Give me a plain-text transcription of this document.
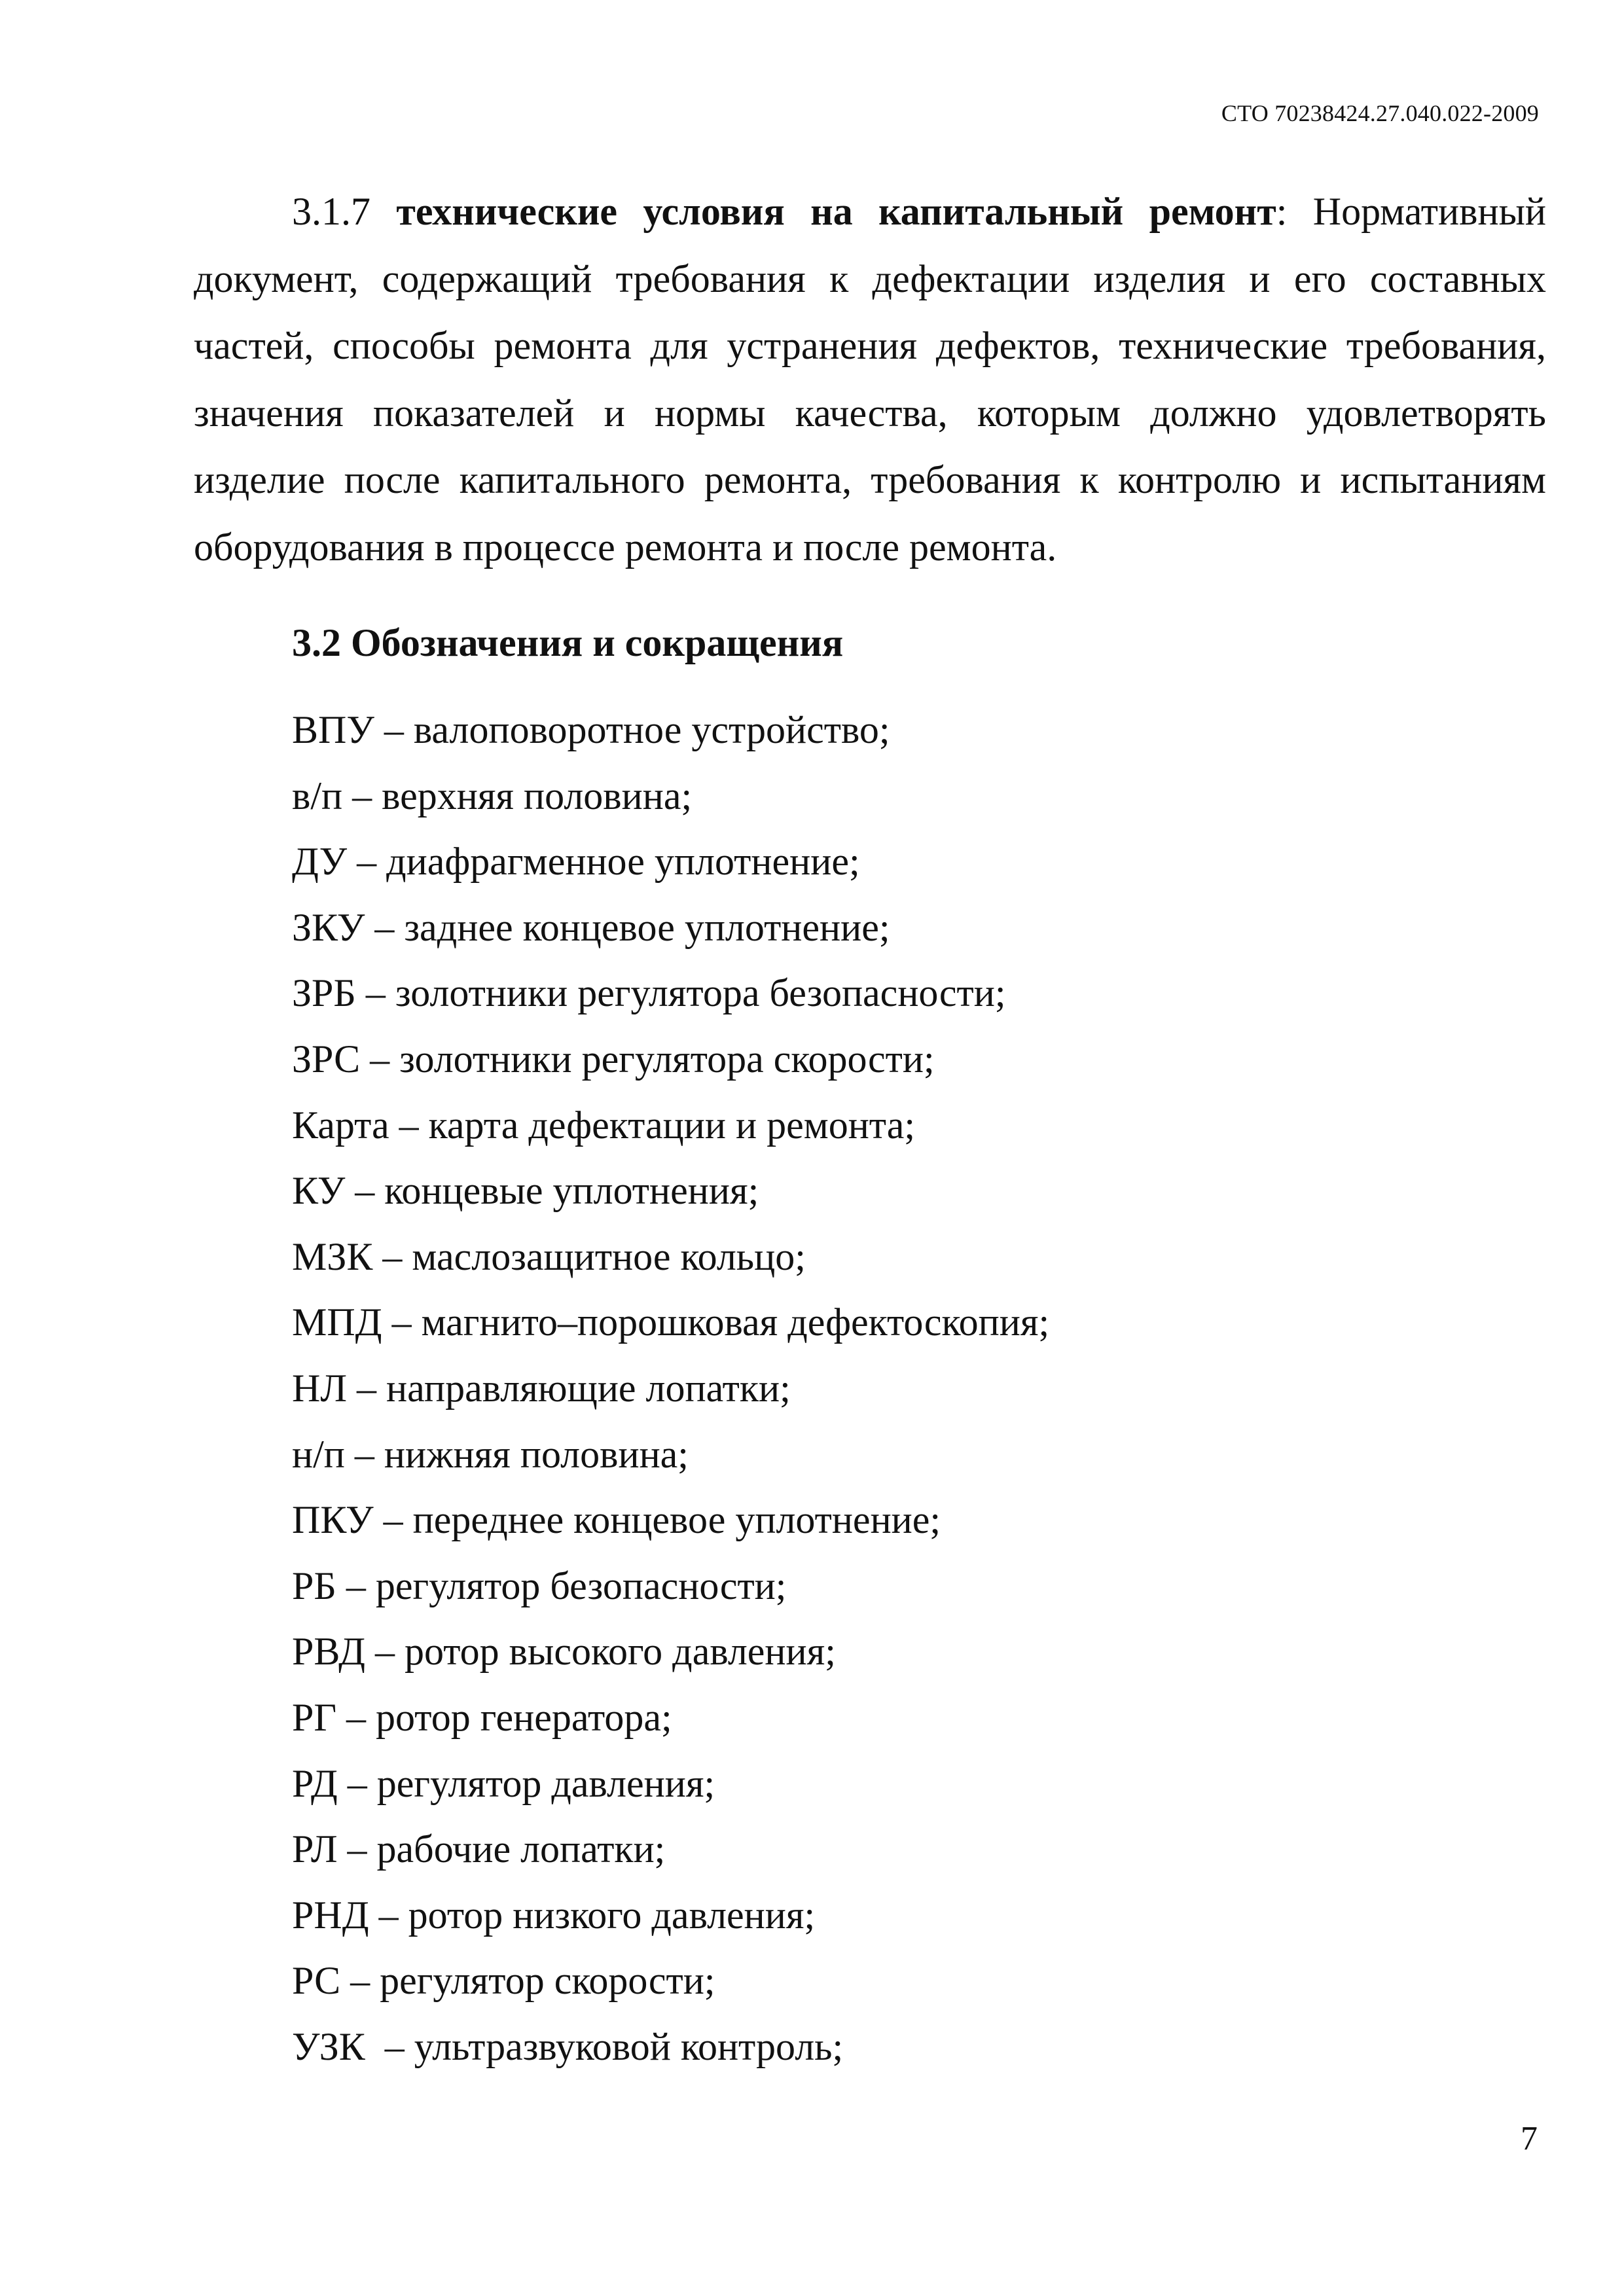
СТО 70238424.27.040.022-2009

3.1.7 технические условия на капитальный ремонт: Нормативный документ, содержащий требования к дефектации изделия и его составных частей, способы ремонта для устранения дефектов, технические требования, значения показателей и нормы качества, которым должно удовлетворять изделие после капитального ремонта, требования к контролю и испытаниям оборудования в процессе ремонта и после ремонта.

3.2 Обозначения и сокращения
ВПУ – валоповоротное устройство;
в/п – верхняя половина;
ДУ – диафрагменное уплотнение;
ЗКУ – заднее концевое уплотнение;
ЗРБ – золотники регулятора безопасности;
ЗРС – золотники регулятора скорости;
Карта – карта дефектации и ремонта;
КУ – концевые уплотнения;
МЗК – маслозащитное кольцо;
МПД – магнито–порошковая дефектоскопия;
НЛ – направляющие лопатки;
н/п – нижняя половина;
ПКУ – переднее концевое уплотнение;
РБ – регулятор безопасности;
РВД – ротор высокого давления;
РГ – ротор генератора;
РД – регулятор давления;
РЛ – рабочие лопатки;
РНД – ротор низкого давления;
РС – регулятор скорости;
УЗК  – ультразвуковой контроль;
7
